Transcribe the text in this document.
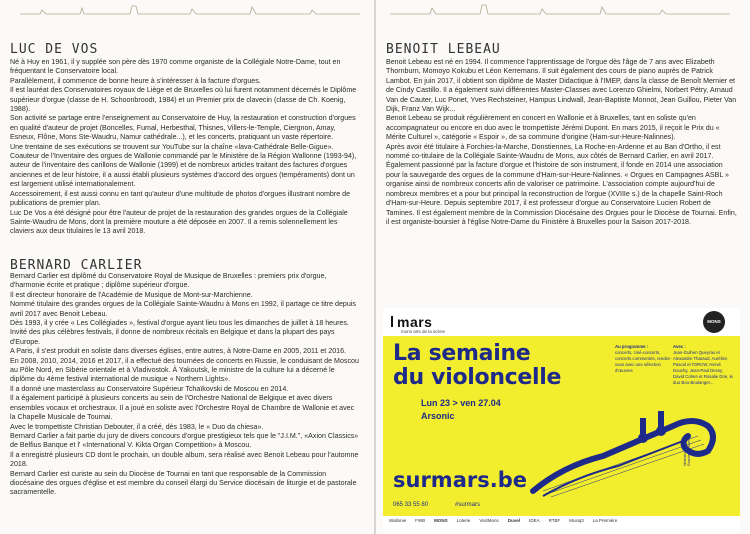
LUC DE VOS

Né à Huy en 1961, il y supplée son père dès 1970 comme organiste de la Collégiale Notre-Dame, tout en fréquentant le Conservatoire local.

Parallèlement, il commence de bonne heure à s'intéresser à la facture d'orgues.

Il est lauréat des Conservatoires royaux de Liège et de Bruxelles où lui furent notamment décernés le Diplôme supérieur d'orgue (classe de H. Schoonbroodt, 1984) et un Premier prix de clavecin (classe de Ch. Koenig, 1988).

Son activité se partage entre l'enseignement au Conservatoire de Huy, la restauration et construction d'orgues en qualité d'auteur de projet (Boncelles, Fumal, Herbesthal, Thisnes, Villers-le-Temple, Ciergnon, Amay, Esneux, Flône, Mons Ste-Waudru, Namur cathédrale...), et les concerts, pratiquant un vaste répertoire.

Une trentaine de ses exécutions se trouvent sur YouTube sur la chaîne «lava-Cathédrale Belle-Gigue».

Coauteur de l'Inventaire des orgues de Wallonie commandé par le Ministère de la Région Wallonne (1993-94), auteur de l'inventaire des carillons de Wallonie (1999) et de nombreux articles traitant des factures d'orgues anciennes et de leur histoire, il a aussi établi plusieurs systèmes d'accord des orgues (tempéraments) dont un est largement utilisé internationalement.

Accessoirement, il est aussi connu en tant qu'auteur d'une multitude de photos d'orgues illustrant nombre de publications de premier plan.

Luc De Vos a été désigné pour être l'auteur de projet de la restauration des grandes orgues de la Collégiale Sainte-Waudru de Mons, dont la première mouture a été déposée en 2007. Il a remis solennellement les claviers aux deux titulaires le 13 avril 2018.

BERNARD CARLIER

Bernard Carlier est diplômé du Conservatoire Royal de Musique de Bruxelles : premiers prix d'orgue, d'harmonie écrite et pratique ; diplôme supérieur d'orgue.

Il est directeur honoraire de l'Académie de Musique de Mont-sur-Marchienne.

Nommé titulaire des grandes orgues de la Collégiale Sainte-Waudru à Mons en 1992, il partage ce titre depuis avril 2017 avec Benoit Lebeau.

Dès 1993, il y crée « Les Collégiades », festival d'orgue ayant lieu tous les dimanches de juillet à 18 heures.

Invité des plus célèbres festivals, il donne de nombreux récitals en Belgique et dans la plupart des pays d'Europe.

A Paris, il s'est produit en soliste dans diverses églises, entre autres, à Notre-Dame en 2005, 2011 et 2016.

En 2008, 2010, 2014, 2016 et 2017, il a effectué des tournées de concerts en Russie, le conduisant de Moscou au Pôle Nord, en Sibérie orientale et à Vladivostok. À Yakoutsk, le ministre de la culture lui a décerné le diplôme du 4ème festival international de musique « Northern Lights».

Il a donné une masterclass au Conservatoire Supérieur Tchaïkovski de Moscou en 2014.

Il a également participé à plusieurs concerts au sein de l'Orchestre National de Belgique et avec divers ensembles vocaux et orchestraux. Il a joué en soliste avec l'Orchestre Royal de Chambre de Wallonie et avec la Chapelle Musicale de Tournai.

Avec le trompettiste Christian Debouter, il a créé, dès 1983, le « Duo da chiesa».

Bernard Carlier a fait partie du jury de divers concours d'orgue prestigieux tels que le "J.I.M.", «Axion Classics» de Belfius Banque et l' «International V. Kikta Organ Competition» à Moscou.

Il a enregistré plusieurs CD dont le prochain, un double album, sera réalisé avec Benoit Lebeau pour l'automne 2018.

Bernard Carlier est curiste au sein du Diocèse de Tournai en tant que responsable de la Commission diocésaine des orgues d'église et est membre du conseil élargi du Service diocésain de liturgie et de pastorale sacramentelle.

BENOIT LEBEAU

Benoit Lebeau est né en 1994. Il commence l'apprentissage de l'orgue dès l'âge de 7 ans avec Elizabeth Thornburn, Momoyo Kokubu et Léon Kerremans. Il suit également des cours de piano auprès de Patrick Lambot. En juin 2017, il obtient son diplôme de Master Didactique à l'IMEP, dans la classe de Benoît Mernier et de Cindy Castillo. Il a également suivi différentes Master-Classes avec Lorenzo Ghielmi, Norbert Pétry, Arnaud Van de Cauter, Luc Ponet, Yves Rechsteiner, Hampus Lindwall, Jean-Baptiste Monnot, Jean Guillou, Pieter Van Dijk, Franz Van Wijk...

Benoit Lebeau se produit régulièrement en concert en Wallonie et à Bruxelles, tant en soliste qu'en accompagnateur ou encore en duo avec le trompettiste Jérémi Dupont. En mars 2015, il reçoit le Prix du « Mérite Culturel », catégorie « Espoir », de sa commune d'origine (Ham-sur-Heure-Nalinnes).

Après avoir été titulaire à Forchies-la-Marche, Donstiennes, La Roche-en-Ardenne et au Ban d'Ortho, il est nommé co-titulaire de la Collégiale Sainte-Waudru de Mons, aux côtés de Bernard Carlier, en avril 2017.

Également passionné par la facture d'orgue et l'histoire de son instrument, il fonde en 2014 une association pour la sauvegarde des orgues de la commune d'Ham-sur-Heure-Nalinnes. « Orgues en Campagnes ASBL » organise ainsi de nombreux concerts afin de valoriser ce patrimoine. L'association compte aujourd'hui de nombreux membres et a pour but principal la reconstruction de l'orgue (XVIIIe s.) de la chapelle Saint-Roch d'Ham-sur-Heure. Depuis septembre 2017, il est professeur d'orgue au Conservatoire Lucien Robert de Tamines. Il est également membre de la Commission Diocésaine des Orgues pour le Diocèse de Tournai. Enfin, il est organiste-boursier à l'église Notre-Dame du Finistère à Bruxelles pour la Saison 2017-2018.

mars
mons arts de la scène
MONS
La semaine
du violoncelle
Lun 23 > ven 27.04
Arsonic
Au programme :
concerts, ciné-concerts, concerts commentés, rendez-vous avec une sélection d'œuvres
Avec :
Jean-Guihen Queyras et Alexandre Tharaud, Aurélien Pascal et l'ORCW, Hervé Douchy, Jean-Paul Dessy, David Cohen et Rosalie Drie, le duo Bou-Boulanger...
surmars.be
065 33 55 80	#surmars
Illustration: ©arsonic · Graphisme: Mars
Wallonie FWB MONS Loterie VisitMons Duvel IDEA RTBF Musiq3 La Première
